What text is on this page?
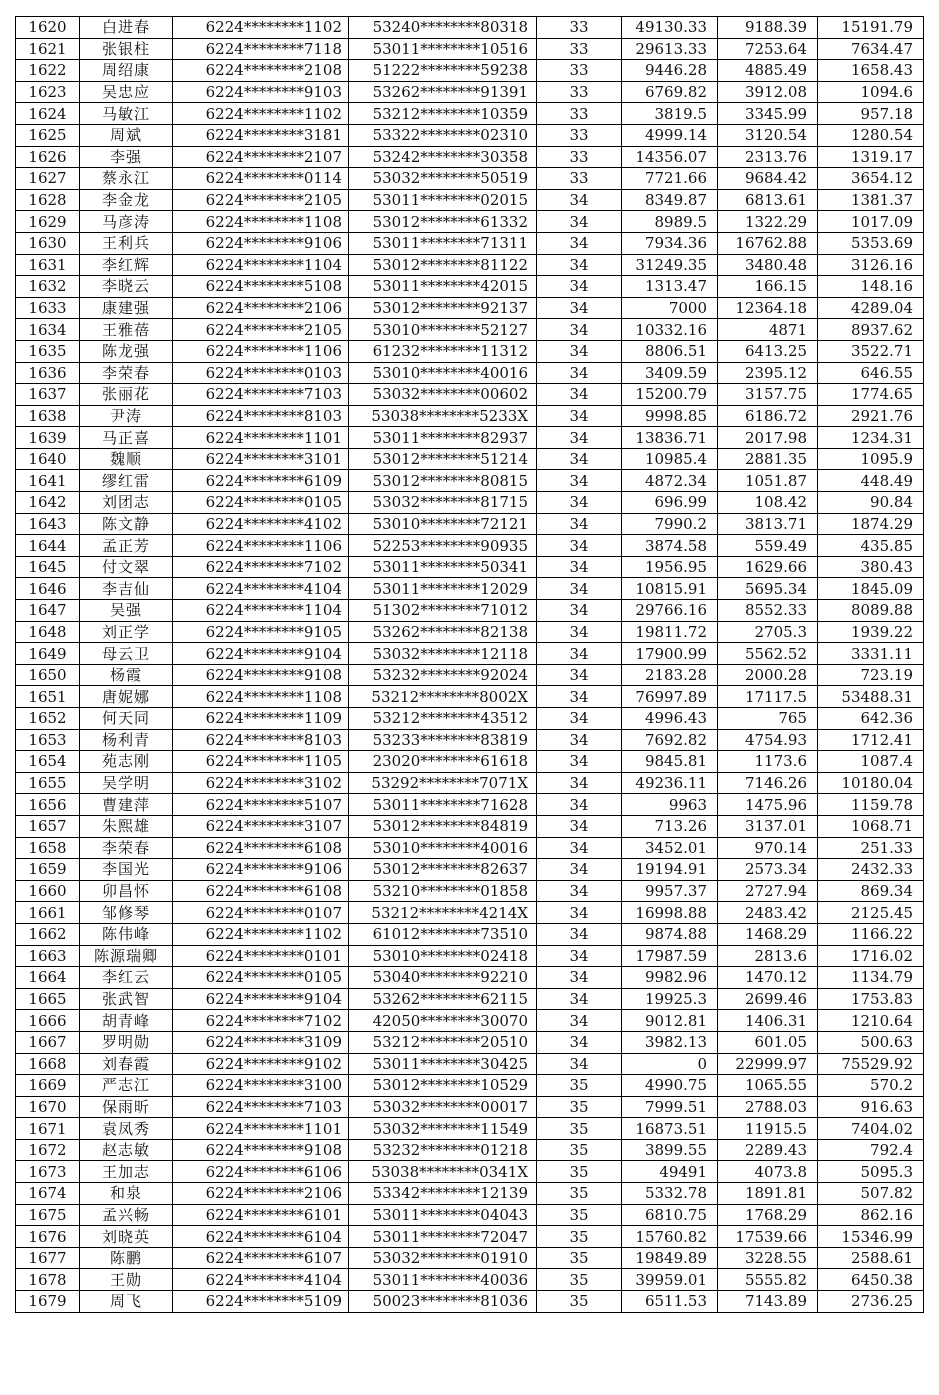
1620	白进春	6224********1102	53240********80318	33	49130.33	9188.39	15191.79
1621	张银柱	6224********7118	53011********10516	33	29613.33	7253.64	7634.47
1622	周绍康	6224********2108	51222********59238	33	9446.28	4885.49	1658.43
1623	吴忠应	6224********9103	53262********91391	33	6769.82	3912.08	1094.6
1624	马敏江	6224********1102	53212********10359	33	3819.5	3345.99	957.18
1625	周斌	6224********3181	53322********02310	33	4999.14	3120.54	1280.54
1626	李强	6224********2107	53242********30358	33	14356.07	2313.76	1319.17
1627	蔡永江	6224********0114	53032********50519	33	7721.66	9684.42	3654.12
1628	李金龙	6224********2105	53011********02015	34	8349.87	6813.61	1381.37
1629	马彦涛	6224********1108	53012********61332	34	8989.5	1322.29	1017.09
1630	王利兵	6224********9106	53011********71311	34	7934.36	16762.88	5353.69
1631	李红辉	6224********1104	53012********81122	34	31249.35	3480.48	3126.16
1632	李晓云	6224********5108	53011********42015	34	1313.47	166.15	148.16
1633	康建强	6224********2106	53012********92137	34	7000	12364.18	4289.04
1634	王雅蓓	6224********2105	53010********52127	34	10332.16	4871	8937.62
1635	陈龙强	6224********1106	61232********11312	34	8806.51	6413.25	3522.71
1636	李荣春	6224********0103	53010********40016	34	3409.59	2395.12	646.55
1637	张丽花	6224********7103	53032********00602	34	15200.79	3157.75	1774.65
1638	尹涛	6224********8103	53038********5233X	34	9998.85	6186.72	2921.76
1639	马正喜	6224********1101	53011********82937	34	13836.71	2017.98	1234.31
1640	魏顺	6224********3101	53012********51214	34	10985.4	2881.35	1095.9
1641	缪红雷	6224********6109	53012********80815	34	4872.34	1051.87	448.49
1642	刘团志	6224********0105	53032********81715	34	696.99	108.42	90.84
1643	陈文静	6224********4102	53010********72121	34	7990.2	3813.71	1874.29
1644	孟正芳	6224********1106	52253********90935	34	3874.58	559.49	435.85
1645	付文翠	6224********7102	53011********50341	34	1956.95	1629.66	380.43
1646	李吉仙	6224********4104	53011********12029	34	10815.91	5695.34	1845.09
1647	吴强	6224********1104	51302********71012	34	29766.16	8552.33	8089.88
1648	刘正学	6224********9105	53262********82138	34	19811.72	2705.3	1939.22
1649	母云卫	6224********9104	53032********12118	34	17900.99	5562.52	3331.11
1650	杨霞	6224********9108	53232********92024	34	2183.28	2000.28	723.19
1651	唐妮娜	6224********1108	53212********8002X	34	76997.89	17117.5	53488.31
1652	何天同	6224********1109	53212********43512	34	4996.43	765	642.36
1653	杨利青	6224********8103	53233********83819	34	7692.82	4754.93	1712.41
1654	苑志刚	6224********1105	23020********61618	34	9845.81	1173.6	1087.4
1655	吴学明	6224********3102	53292********7071X	34	49236.11	7146.26	10180.04
1656	曹建萍	6224********5107	53011********71628	34	9963	1475.96	1159.78
1657	朱熙雄	6224********3107	53012********84819	34	713.26	3137.01	1068.71
1658	李荣春	6224********6108	53010********40016	34	3452.01	970.14	251.33
1659	李国光	6224********9106	53012********82637	34	19194.91	2573.34	2432.33
1660	卯昌怀	6224********6108	53210********01858	34	9957.37	2727.94	869.34
1661	邹修琴	6224********0107	53212********4214X	34	16998.88	2483.42	2125.45
1662	陈伟峰	6224********1102	61012********73510	34	9874.88	1468.29	1166.22
1663	陈源瑞卿	6224********0101	53010********02418	34	17987.59	2813.6	1716.02
1664	李红云	6224********0105	53040********92210	34	9982.96	1470.12	1134.79
1665	张武智	6224********9104	53262********62115	34	19925.3	2699.46	1753.83
1666	胡青峰	6224********7102	42050********30070	34	9012.81	1406.31	1210.64
1667	罗明勋	6224********3109	53212********20510	34	3982.13	601.05	500.63
1668	刘春霞	6224********9102	53011********30425	34	0	22999.97	75529.92
1669	严志江	6224********3100	53012********10529	35	4990.75	1065.55	570.2
1670	保雨昕	6224********7103	53032********00017	35	7999.51	2788.03	916.63
1671	袁凤秀	6224********1101	53032********11549	35	16873.51	11915.5	7404.02
1672	赵志敏	6224********9108	53232********01218	35	3899.55	2289.43	792.4
1673	王加志	6224********6106	53038********0341X	35	49491	4073.8	5095.3
1674	和泉	6224********2106	53342********12139	35	5332.78	1891.81	507.82
1675	孟兴畅	6224********6101	53011********04043	35	6810.75	1768.29	862.16
1676	刘晓英	6224********6104	53011********72047	35	15760.82	17539.66	15346.99
1677	陈鹏	6224********6107	53032********01910	35	19849.89	3228.55	2588.61
1678	王勋	6224********4104	53011********40036	35	39959.01	5555.82	6450.38
1679	周飞	6224********5109	50023********81036	35	6511.53	7143.89	2736.25
